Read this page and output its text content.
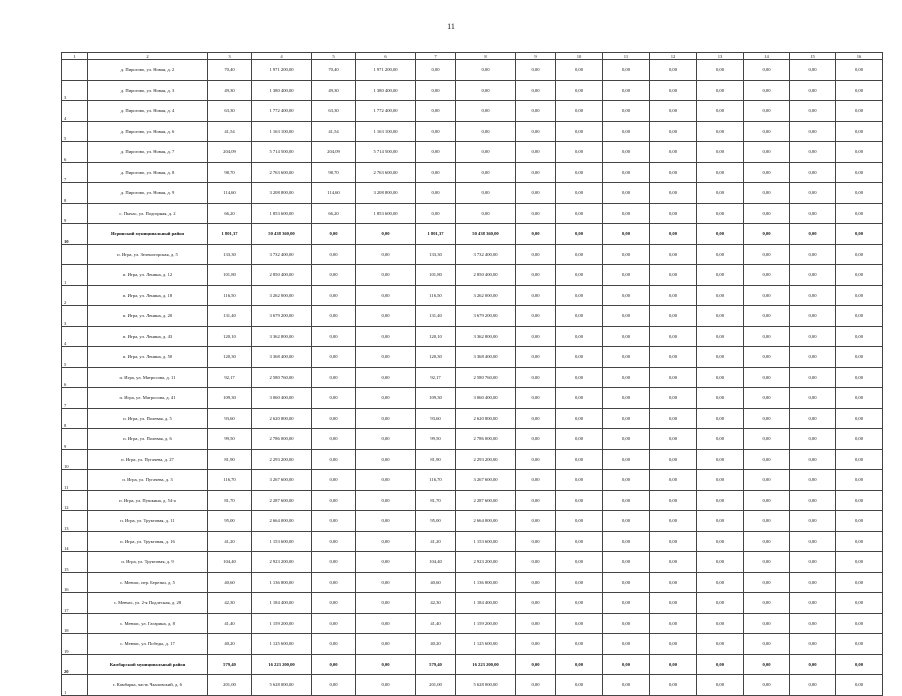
11
1	2	3	4	5	6	7	8	9	10	11	12	13	14	15	16
	д. Пирогово, ул. Новая, д. 2	70,40	1 971 200,00	70,40	1 971 200,00	0,00	0,00	0,00	0,00	0,00	0,00	0,00	0,00	0,00	0,00
3	д. Пирогово, ул. Новая, д. 3	49,30	1 380 400,00	49,30	1 380 400,00	0,00	0,00	0,00	0,00	0,00	0,00	0,00	0,00	0,00	0,00
4	д. Пирогово, ул. Новая, д. 4	63,30	1 772 400,00	63,30	1 772 400,00	0,00	0,00	0,00	0,00	0,00	0,00	0,00	0,00	0,00	0,00
5	д. Пирогово, ул. Новая, д. 6	41,54	1 163 100,00	41,54	1 163 100,00	0,00	0,00	0,00	0,00	0,00	0,00	0,00	0,00	0,00	0,00
6	д. Пирогово, ул. Новая, д. 7	204,09	5 714 500,00	204,09	5 714 500,00	0,00	0,00	0,00	0,00	0,00	0,00	0,00	0,00	0,00	0,00
7	д. Пирогово, ул. Новая, д. 8	98,70	2 763 600,00	98,70	2 763 600,00	0,00	0,00	0,00	0,00	0,00	0,00	0,00	0,00	0,00	0,00
8	д. Пирогово, ул. Новая, д. 9	114,60	3 208 800,00	114,60	3 208 800,00	0,00	0,00	0,00	0,00	0,00	0,00	0,00	0,00	0,00	0,00
9	с. Пычас, ул. Подгорная, д. 2	66,20	1 853 600,00	66,20	1 853 600,00	0,00	0,00	0,00	0,00	0,00	0,00	0,00	0,00	0,00	0,00
10	Игринский муниципальный район	1 801,37	50 438 360,00	0,00	0,00	1 801,37	50 438 360,00	0,00	0,00	0,00	0,00	0,00	0,00	0,00	0,00
	п. Игра, ул. Зеленогорская, д. 5	133,30	3 732 400,00	0,00	0,00	133,30	3 732 400,00	0,00	0,00	0,00	0,00	0,00	0,00	0,00	0,00
1	п. Игра, ул. Ленина, д. 12	101,80	2 850 400,00	0,00	0,00	101,80	2 850 400,00	0,00	0,00	0,00	0,00	0,00	0,00	0,00	0,00
2	п. Игра, ул. Ленина, д. 18	116,50	3 262 000,00	0,00	0,00	116,50	3 262 000,00	0,00	0,00	0,00	0,00	0,00	0,00	0,00	0,00
3	п. Игра, ул. Ленина, д. 20	131,40	3 679 200,00	0,00	0,00	131,40	3 679 200,00	0,00	0,00	0,00	0,00	0,00	0,00	0,00	0,00
4	п. Игра, ул. Ленина, д. 43	120,10	3 362 800,00	0,00	0,00	120,10	3 362 800,00	0,00	0,00	0,00	0,00	0,00	0,00	0,00	0,00
5	п. Игра, ул. Ленина, д. 50	120,30	3 368 400,00	0,00	0,00	120,30	3 368 400,00	0,00	0,00	0,00	0,00	0,00	0,00	0,00	0,00
6	п. Игра, ул. Матросова, д. 11	92,17	2 580 760,00	0,00	0,00	92,17	2 580 760,00	0,00	0,00	0,00	0,00	0,00	0,00	0,00	0,00
7	п. Игра, ул. Матросова, д. 41	109,30	3 060 400,00	0,00	0,00	109,30	3 060 400,00	0,00	0,00	0,00	0,00	0,00	0,00	0,00	0,00
8	п. Игра, ул. Полевая, д. 5	93,60	2 620 800,00	0,00	0,00	93,60	2 620 800,00	0,00	0,00	0,00	0,00	0,00	0,00	0,00	0,00
9	п. Игра, ул. Полевая, д. 6	99,50	2 786 000,00	0,00	0,00	99,50	2 786 000,00	0,00	0,00	0,00	0,00	0,00	0,00	0,00	0,00
10	п. Игра, ул. Пугачева, д. 27	81,90	2 293 200,00	0,00	0,00	81,90	2 293 200,00	0,00	0,00	0,00	0,00	0,00	0,00	0,00	0,00
11	п. Игра, ул. Пугачева, д. 3	116,70	3 267 600,00	0,00	0,00	116,70	3 267 600,00	0,00	0,00	0,00	0,00	0,00	0,00	0,00	0,00
12	п. Игра, ул. Пушкина, д. 54-а	81,70	2 287 600,00	0,00	0,00	81,70	2 287 600,00	0,00	0,00	0,00	0,00	0,00	0,00	0,00	0,00
13	п. Игра, ул. Труктовая, д. 11	95,00	2 664 000,00	0,00	0,00	95,00	2 664 000,00	0,00	0,00	0,00	0,00	0,00	0,00	0,00	0,00
14	п. Игра, ул. Труктовая, д. 16	41,20	1 153 600,00	0,00	0,00	41,20	1 153 600,00	0,00	0,00	0,00	0,00	0,00	0,00	0,00	0,00
15	п. Игра, ул. Труктовая, д. 9	104,40	2 923 200,00	0,00	0,00	104,40	2 923 200,00	0,00	0,00	0,00	0,00	0,00	0,00	0,00	0,00
16	с. Мевчас, пер. Березки, д. 5	40,60	1 136 800,00	0,00	0,00	40,60	1 136 800,00	0,00	0,00	0,00	0,00	0,00	0,00	0,00	0,00
17	с. Мевчас, ул. 2-я Подлесная, д. 28	42,30	1 184 400,00	0,00	0,00	42,30	1 184 400,00	0,00	0,00	0,00	0,00	0,00	0,00	0,00	0,00
18	с. Мевчас, ул. Гагарина, д. 8	41,40	1 159 200,00	0,00	0,00	41,40	1 159 200,00	0,00	0,00	0,00	0,00	0,00	0,00	0,00	0,00
19	с. Мевчас, ул. Победы, д. 17	40,20	1 125 600,00	0,00	0,00	40,20	1 125 600,00	0,00	0,00	0,00	0,00	0,00	0,00	0,00	0,00
20	Камбарский муниципальный район	579,40	16 223 200,00	0,00	0,00	579,40	16 223 200,00	0,00	0,00	0,00	0,00	0,00	0,00	0,00	0,00
1	г. Камбарка, часть Чкаловский, д. 6	201,00	5 628 000,00	0,00	0,00	201,00	5 628 000,00	0,00	0,00	0,00	0,00	0,00	0,00	0,00	0,00
